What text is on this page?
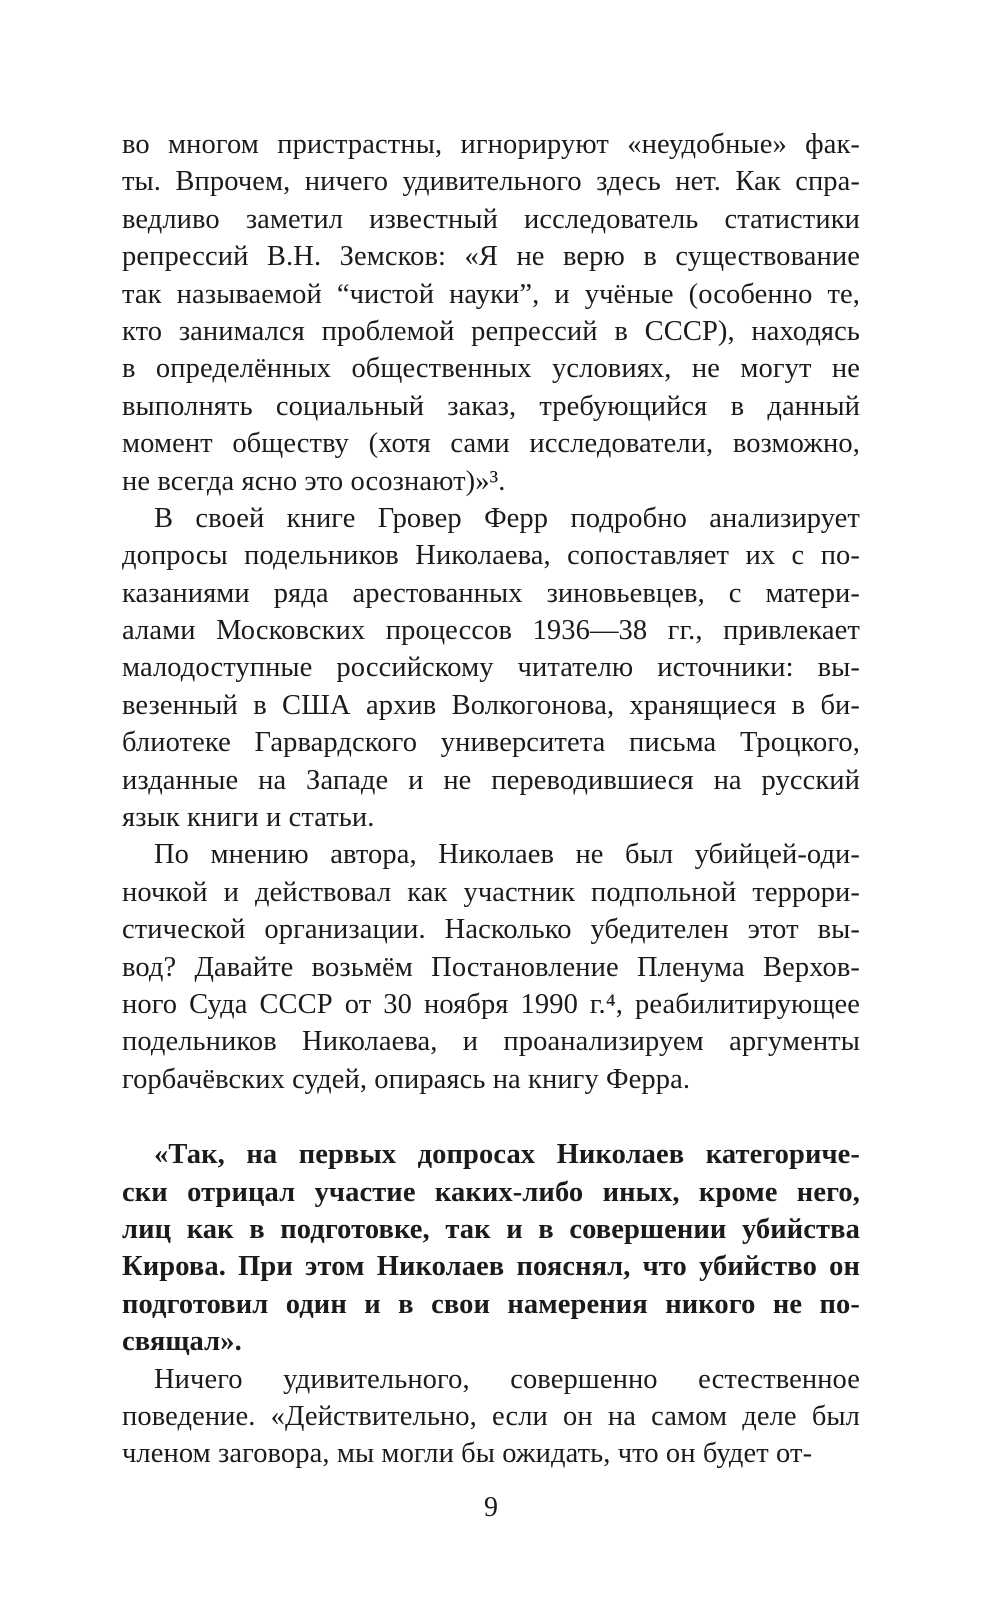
во многом пристрастны, игнорируют «неудобные» фак-
ты. Впрочем, ничего удивительного здесь нет. Как спра-
ведливо заметил известный исследователь статистики
репрессий В.Н. Земсков: «Я не верю в существование
так называемой “чистой науки”, и учёные (особенно те,
кто занимался проблемой репрессий в СССР), находясь
в определённых общественных условиях, не могут не
выполнять социальный заказ, требующийся в данный
момент обществу (хотя сами исследователи, возможно,
не всегда ясно это осознают)»³.
В своей книге Гровер Ферр подробно анализирует
допросы подельников Николаева, сопоставляет их с по-
казаниями ряда арестованных зиновьевцев, с матери-
алами Московских процессов 1936—38 гг., привлекает
малодоступные российскому читателю источники: вы-
везенный в США архив Волкогонова, хранящиеся в би-
блиотеке Гарвардского университета письма Троцкого,
изданные на Западе и не переводившиеся на русский
язык книги и статьи.
По мнению автора, Николаев не был убийцей-оди-
ночкой и действовал как участник подпольной террори-
стической организации. Насколько убедителен этот вы-
вод? Давайте возьмём Постановление Пленума Верхов-
ного Суда СССР от 30 ноября 1990 г.⁴, реабилитирующее
подельников Николаева, и проанализируем аргументы
горбачёвских судей, опираясь на книгу Ферра.
«Так, на первых допросах Николаев категориче-
ски отрицал участие каких-либо иных, кроме него,
лиц как в подготовке, так и в совершении убийства
Кирова. При этом Николаев пояснял, что убийство он
подготовил один и в свои намерения никого не по-
свящал».
Ничего удивительного, совершенно естественное
поведение. «Действительно, если он на самом деле был
членом заговора, мы могли бы ожидать, что он будет от-
9
